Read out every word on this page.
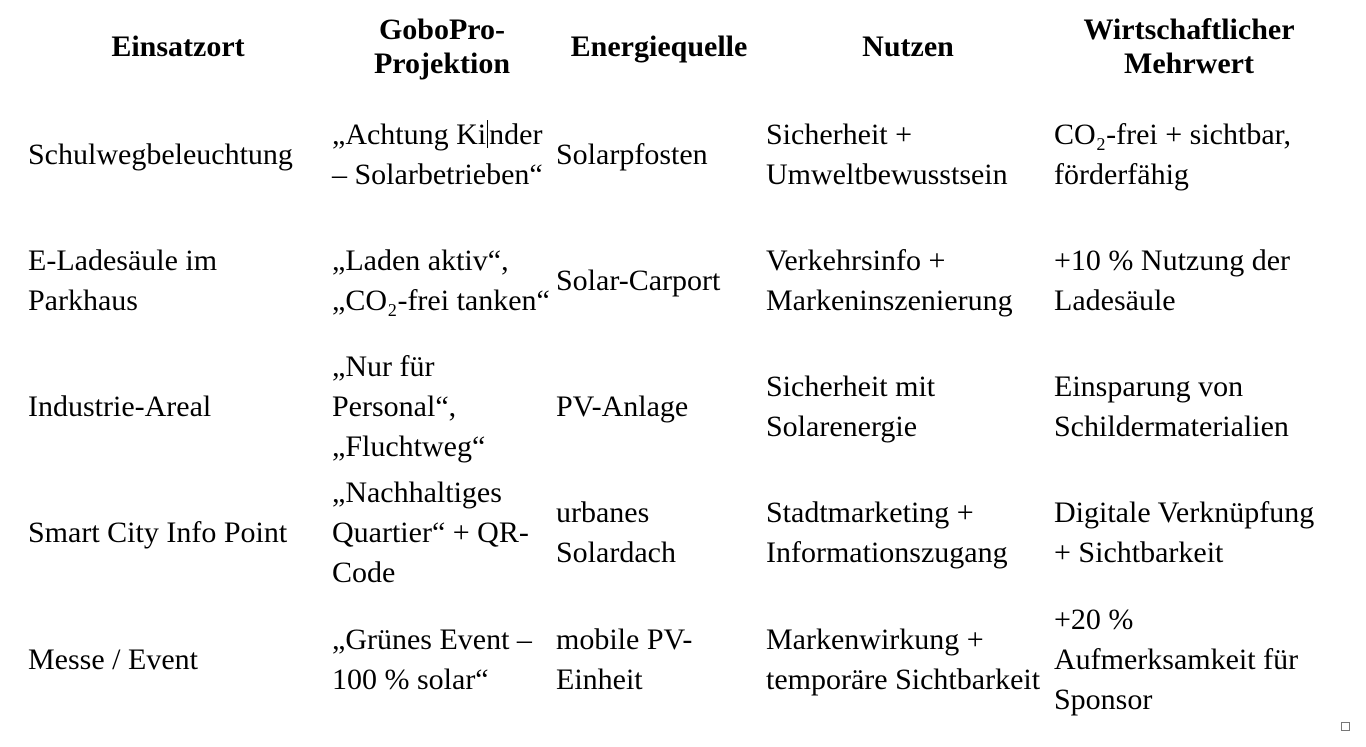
Einsatzort	GoboPro-Projektion	Energiequelle	Nutzen	Wirtschaftlicher Mehrwert
Schulwegbeleuchtung	„Achtung Ki nder – Solarbetrieben“	Solarpfosten	Sicherheit + Umweltbewusstsein	CO₂-frei + sichtbar, förderfähig
E-Ladesäule im Parkhaus	„Laden aktiv“, „CO₂-frei tanken“	Solar-Carport	Verkehrsinfo + Markeninszenierung	+10 % Nutzung der Ladesäule
Industrie-Areal	„Nur für Personal“, „Fluchtweg“	PV-Anlage	Sicherheit mit Solarenergie	Einsparung von Schildermaterialien
Smart City Info Point	„Nachhaltiges Quartier“ + QR-Code	urbanes Solardach	Stadtmarketing + Informationszugang	Digitale Verknüpfung + Sichtbarkeit
Messe / Event	„Grünes Event – 100 % solar“	mobile PV-Einheit	Markenwirkung + temporäre Sichtbarkeit	+20 % Aufmerksamkeit für Sponsor
